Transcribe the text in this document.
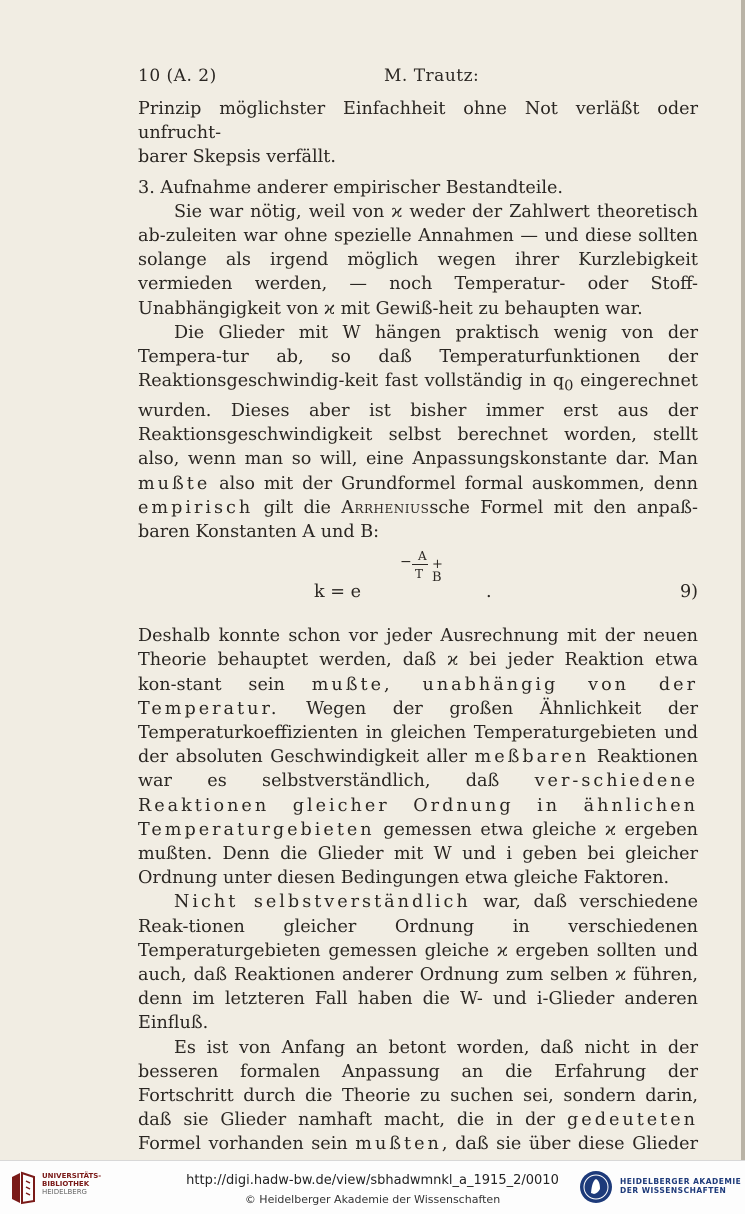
10 (A. 2)	M. Trautz:

Prinzip möglichster Einfachheit ohne Not verläßt oder unfrucht-
barer Skepsis verfällt.

3. Aufnahme anderer empirischer Bestandteile.

Sie war nötig, weil von ϰ weder der Zahlwert theoretisch ab-zuleiten war ohne spezielle Annahmen — und diese sollten solange als irgend möglich wegen ihrer Kurzlebigkeit vermieden werden, — noch Temperatur- oder Stoff-Unabhängigkeit von ϰ mit Gewiß-heit zu behaupten war.

Die Glieder mit W hängen praktisch wenig von der Tempera-tur ab, so daß Temperaturfunktionen der Reaktionsgeschwindig-keit fast vollständig in $q_0$ eingerechnet wurden. Dieses aber ist bisher immer erst aus der Reaktionsgeschwindigkeit selbst berechnet worden, stellt also, wenn man so will, eine Anpassungskonstante dar. Man mußte also mit der Grundformel formal auskommen, denn empirisch gilt die Arrheniussche Formel mit den anpaß-baren Konstanten A und B:

k = e
− A
T
+ B
.	9)

Deshalb konnte schon vor jeder Ausrechnung mit der neuen Theorie behauptet werden, daß ϰ bei jeder Reaktion etwa kon-stant sein mußte, unabhängig von der Temperatur. Wegen der großen Ähnlichkeit der Temperaturkoeffizienten in gleichen Temperaturgebieten und der absoluten Geschwindigkeit aller meßbaren Reaktionen war es selbstverständlich, daß ver-schiedene Reaktionen gleicher Ordnung in ähnlichen Temperaturgebieten gemessen etwa gleiche ϰ ergeben mußten. Denn die Glieder mit W und i geben bei gleicher Ordnung unter diesen Bedingungen etwa gleiche Faktoren.

Nicht selbstverständlich war, daß verschiedene Reak-tionen gleicher Ordnung in verschiedenen Temperaturgebieten gemessen gleiche ϰ ergeben sollten und auch, daß Reaktionen anderer Ordnung zum selben ϰ führen, denn im letzteren Fall haben die W- und i-Glieder anderen Einfluß.

Es ist von Anfang an betont worden, daß nicht in der besseren formalen Anpassung an die Erfahrung der Fortschritt durch die Theorie zu suchen sei, sondern darin, daß sie Glieder namhaft macht, die in der gedeuteten Formel vorhanden sein mußten, daß sie über diese Glieder

UNIVERSITÄTS-
BIBLIOTHEK
HEIDELBERG
http://digi.hadw-bw.de/view/sbhadwmnkl_a_1915_2/0010
© Heidelberger Akademie der Wissenschaften
HEIDELBERGER AKADEMIE
DER WISSENSCHAFTEN
